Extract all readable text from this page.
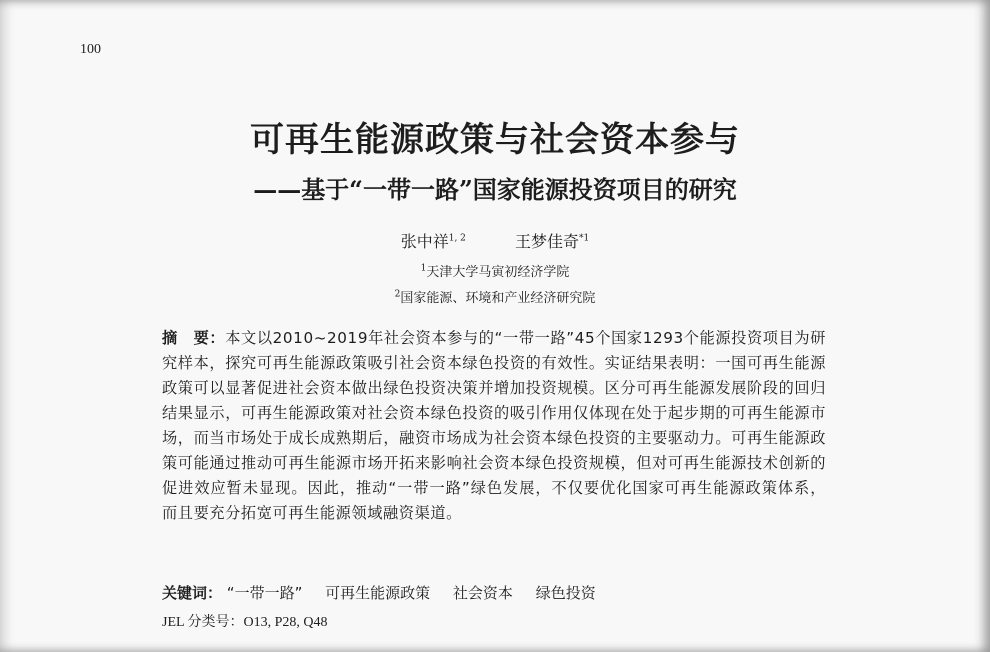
100
可再生能源政策与社会资本参与
——基于“一带一路”国家能源投资项目的研究
张中祥$^{1, 2}$	王梦佳奇$^{*1}$
$^1$天津大学马寅初经济学院
$^2$国家能源、环境和产业经济研究院
摘　要：本文以2010~2019年社会资本参与的“一带一路”45个国家1293个能源投资项目为研究样本，探究可再生能源政策吸引社会资本绿色投资的有效性。实证结果表明：一国可再生能源政策可以显著促进社会资本做出绿色投资决策并增加投资规模。区分可再生能源发展阶段的回归结果显示，可再生能源政策对社会资本绿色投资的吸引作用仅体现在处于起步期的可再生能源市场，而当市场处于成长成熟期后，融资市场成为社会资本绿色投资的主要驱动力。可再生能源政策可能通过推动可再生能源市场开拓来影响社会资本绿色投资规模，但对可再生能源技术创新的促进效应暂未显现。因此，推动“一带一路”绿色发展，不仅要优化国家可再生能源政策体系，而且要充分拓宽可再生能源领域融资渠道。
关键词： “一带一路” 可再生能源政策 社会资本 绿色投资
JEL 分类号：O13, P28, Q48
